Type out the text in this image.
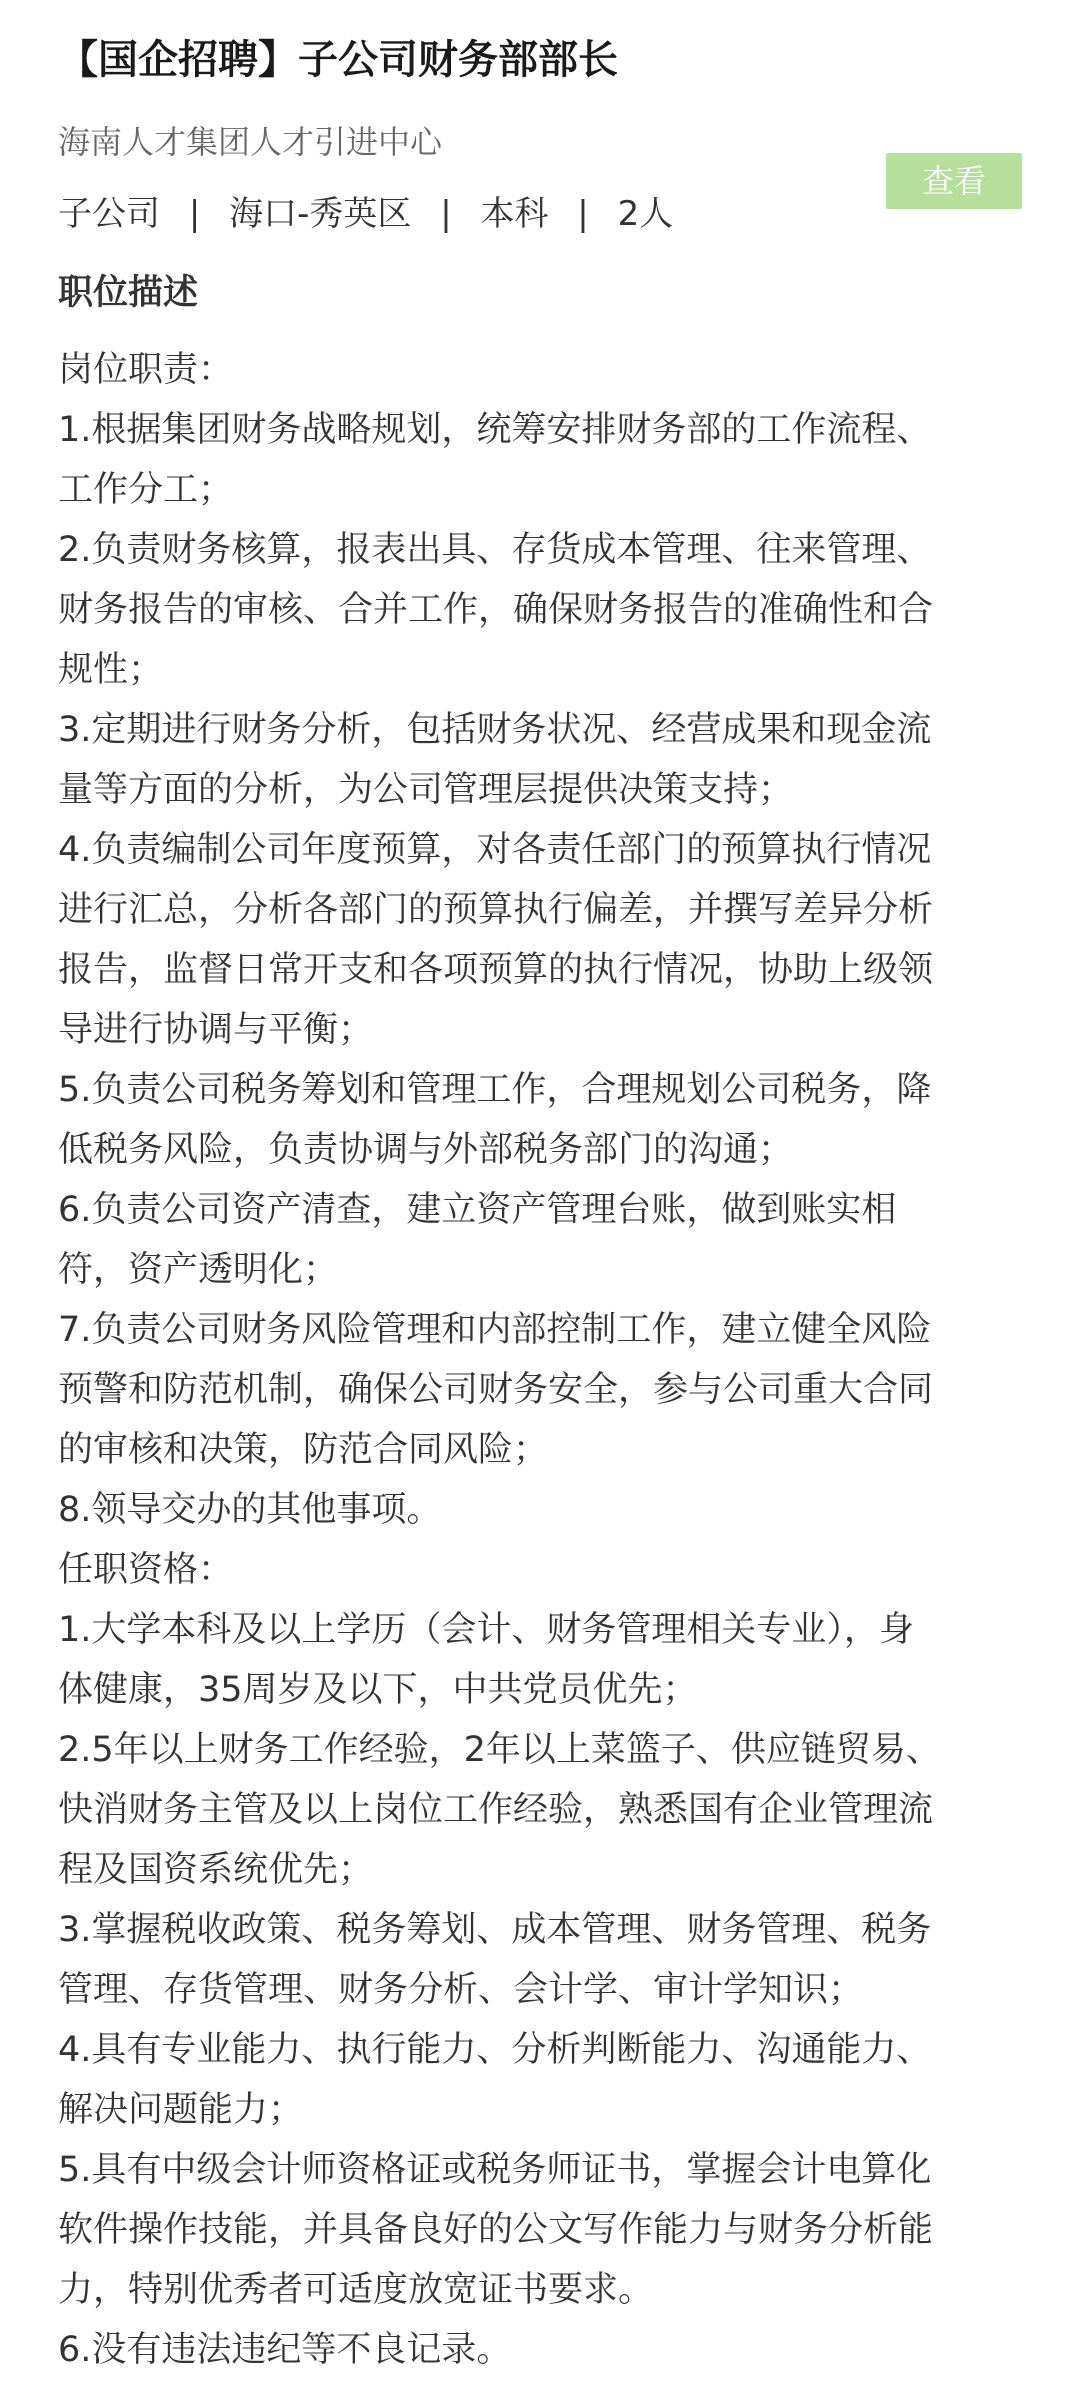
【国企招聘】子公司财务部部长
海南人才集团人才引进中心
子公司 | 海口-秀英区 | 本科 | 2人
查看
职位描述
岗位职责：
1.根据集团财务战略规划，统筹安排财务部的工作流程、
工作分工；
2.负责财务核算，报表出具、存货成本管理、往来管理、
财务报告的审核、合并工作，确保财务报告的准确性和合
规性；
3.定期进行财务分析，包括财务状况、经营成果和现金流
量等方面的分析，为公司管理层提供决策支持；
4.负责编制公司年度预算，对各责任部门的预算执行情况
进行汇总，分析各部门的预算执行偏差，并撰写差异分析
报告，监督日常开支和各项预算的执行情况，协助上级领
导进行协调与平衡；
5.负责公司税务筹划和管理工作，合理规划公司税务，降
低税务风险，负责协调与外部税务部门的沟通；
6.负责公司资产清查，建立资产管理台账，做到账实相
符，资产透明化；
7.负责公司财务风险管理和内部控制工作，建立健全风险
预警和防范机制，确保公司财务安全，参与公司重大合同
的审核和决策，防范合同风险；
8.领导交办的其他事项。
任职资格：
1.大学本科及以上学历（会计、财务管理相关专业），身
体健康，35周岁及以下，中共党员优先；
2.5年以上财务工作经验，2年以上菜篮子、供应链贸易、
快消财务主管及以上岗位工作经验，熟悉国有企业管理流
程及国资系统优先；
3.掌握税收政策、税务筹划、成本管理、财务管理、税务
管理、存货管理、财务分析、会计学、审计学知识；
4.具有专业能力、执行能力、分析判断能力、沟通能力、
解决问题能力；
5.具有中级会计师资格证或税务师证书，掌握会计电算化
软件操作技能，并具备良好的公文写作能力与财务分析能
力，特别优秀者可适度放宽证书要求。
6.没有违法违纪等不良记录。
